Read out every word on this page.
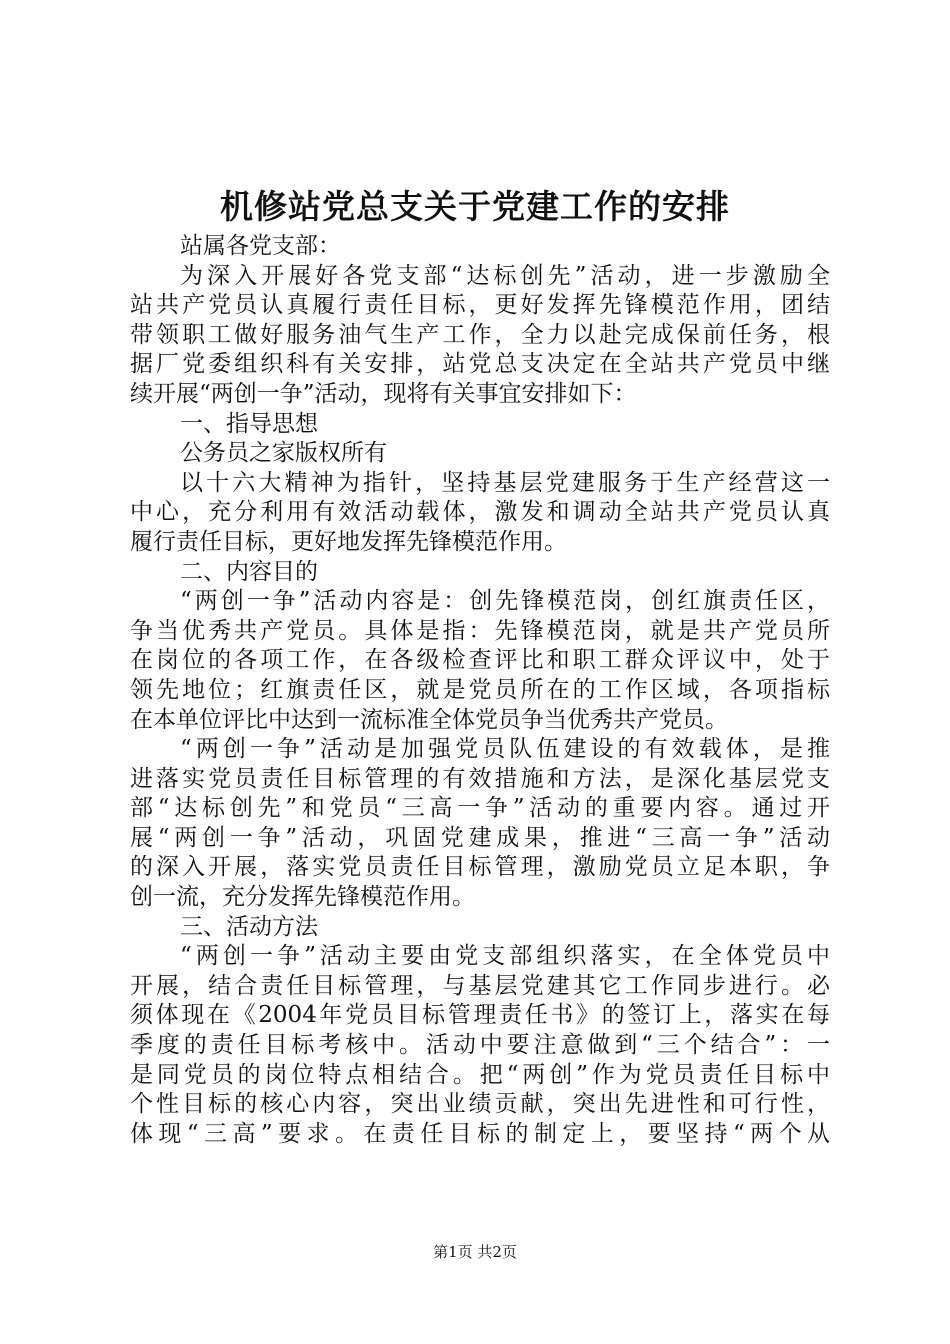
机修站党总支关于党建工作的安排
站属各党支部：
为深入开展好各党支部“达标创先”活动，进一步激励全
站共产党员认真履行责任目标，更好发挥先锋模范作用，团结
带领职工做好服务油气生产工作，全力以赴完成保前任务，根
据厂党委组织科有关安排，站党总支决定在全站共产党员中继
续开展“两创一争”活动，现将有关事宜安排如下：
一、指导思想
公务员之家版权所有
以十六大精神为指针，坚持基层党建服务于生产经营这一
中心，充分利用有效活动载体，激发和调动全站共产党员认真
履行责任目标，更好地发挥先锋模范作用。
二、内容目的
“两创一争”活动内容是：创先锋模范岗，创红旗责任区，
争当优秀共产党员。具体是指：先锋模范岗，就是共产党员所
在岗位的各项工作，在各级检查评比和职工群众评议中，处于
领先地位；红旗责任区，就是党员所在的工作区域，各项指标
在本单位评比中达到一流标准全体党员争当优秀共产党员。
“两创一争”活动是加强党员队伍建设的有效载体，是推
进落实党员责任目标管理的有效措施和方法，是深化基层党支
部“达标创先”和党员“三高一争”活动的重要内容。通过开
展“两创一争”活动，巩固党建成果，推进“三高一争”活动
的深入开展，落实党员责任目标管理，激励党员立足本职，争
创一流，充分发挥先锋模范作用。
三、活动方法
“两创一争”活动主要由党支部组织落实，在全体党员中
开展，结合责任目标管理，与基层党建其它工作同步进行。必
须体现在《2004年党员目标管理责任书》的签订上，落实在每
季度的责任目标考核中。活动中要注意做到“三个结合”：一
是同党员的岗位特点相结合。把“两创”作为党员责任目标中
个性目标的核心内容，突出业绩贡献，突出先进性和可行性，
体现“三高”要求。在责任目标的制定上，要坚持“两个从
第1页 共2页
